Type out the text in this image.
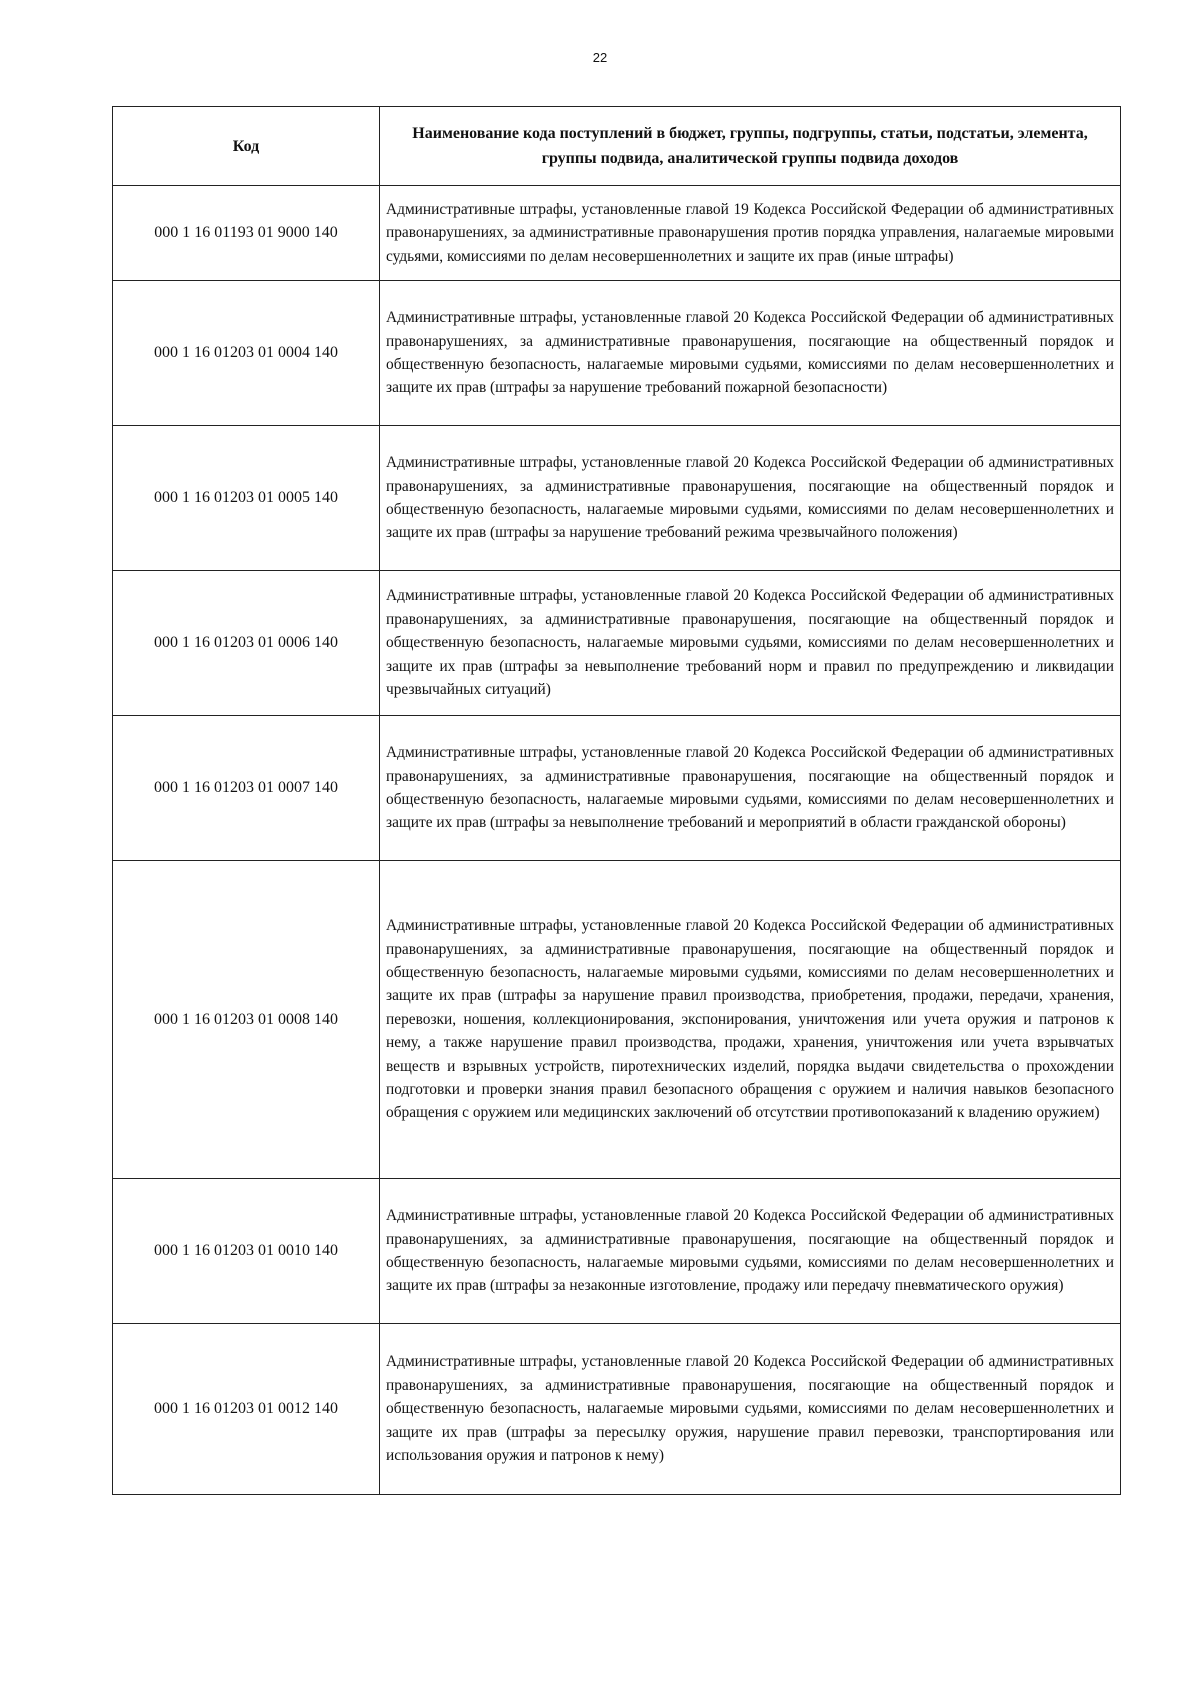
22
Код	Наименование кода поступлений в бюджет, группы, подгруппы, статьи, подстатьи, элемента, группы подвида, аналитической группы подвида доходов
000 1 16 01193 01 9000 140	Административные штрафы, установленные главой 19 Кодекса Российской Федерации об административных правонарушениях, за административные правонарушения против порядка управления, налагаемые мировыми судьями, комиссиями по делам несовершеннолетних и защите их прав (иные штрафы)
000 1 16 01203 01 0004 140	Административные штрафы, установленные главой 20 Кодекса Российской Федерации об административных правонарушениях, за административные правонарушения, посягающие на общественный порядок и общественную безопасность, налагаемые мировыми судьями, комиссиями по делам несовершеннолетних и защите их прав (штрафы за нарушение требований пожарной безопасности)
000 1 16 01203 01 0005 140	Административные штрафы, установленные главой 20 Кодекса Российской Федерации об административных правонарушениях, за административные правонарушения, посягающие на общественный порядок и общественную безопасность, налагаемые мировыми судьями, комиссиями по делам несовершеннолетних и защите их прав (штрафы за нарушение требований режима чрезвычайного положения)
000 1 16 01203 01 0006 140	Административные штрафы, установленные главой 20 Кодекса Российской Федерации об административных правонарушениях, за административные правонарушения, посягающие на общественный порядок и общественную безопасность, налагаемые мировыми судьями, комиссиями по делам несовершеннолетних и защите их прав (штрафы за невыполнение требований норм и правил по предупреждению и ликвидации чрезвычайных ситуаций)
000 1 16 01203 01 0007 140	Административные штрафы, установленные главой 20 Кодекса Российской Федерации об административных правонарушениях, за административные правонарушения, посягающие на общественный порядок и общественную безопасность, налагаемые мировыми судьями, комиссиями по делам несовершеннолетних и защите их прав (штрафы за невыполнение требований и мероприятий в области гражданской обороны)
000 1 16 01203 01 0008 140	Административные штрафы, установленные главой 20 Кодекса Российской Федерации об административных правонарушениях, за административные правонарушения, посягающие на общественный порядок и общественную безопасность, налагаемые мировыми судьями, комиссиями по делам несовершеннолетних и защите их прав (штрафы за нарушение правил производства, приобретения, продажи, передачи, хранения, перевозки, ношения, коллекционирования, экспонирования, уничтожения или учета оружия и патронов к нему, а также нарушение правил производства, продажи, хранения, уничтожения или учета взрывчатых веществ и взрывных устройств, пиротехнических изделий, порядка выдачи свидетельства о прохождении подготовки и проверки знания правил безопасного обращения с оружием и наличия навыков безопасного обращения с оружием или медицинских заключений об отсутствии противопоказаний к владению оружием)
000 1 16 01203 01 0010 140	Административные штрафы, установленные главой 20 Кодекса Российской Федерации об административных правонарушениях, за административные правонарушения, посягающие на общественный порядок и общественную безопасность, налагаемые мировыми судьями, комиссиями по делам несовершеннолетних и защите их прав (штрафы за незаконные изготовление, продажу или передачу пневматического оружия)
000 1 16 01203 01 0012 140	Административные штрафы, установленные главой 20 Кодекса Российской Федерации об административных правонарушениях, за административные правонарушения, посягающие на общественный порядок и общественную безопасность, налагаемые мировыми судьями, комиссиями по делам несовершеннолетних и защите их прав (штрафы за пересылку оружия, нарушение правил перевозки, транспортирования или использования оружия и патронов к нему)
